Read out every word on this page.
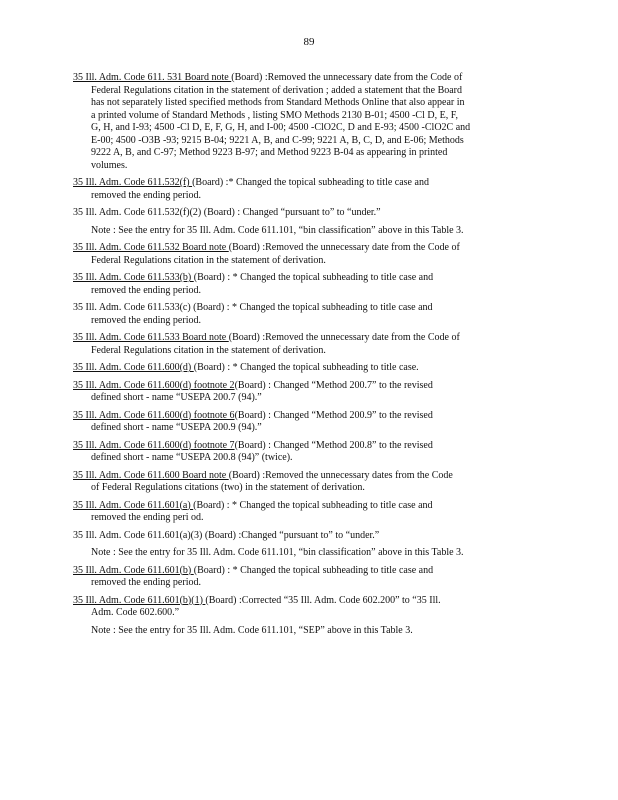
89
35 Ill. Adm. Code 611. 531 Board note (Board) :Removed the unnecessary date from the Code of
Federal Regulations citation in the statement of derivation ; added a statement that the Board
has not separately listed specified methods from Standard Methods Online that also appear in
a printed volume of Standard Methods , listing SMO Methods 2130 B-01; 4500 -Cl D, E, F,
G, H, and I-93; 4500 -Cl D, E, F, G, H, and I-00; 4500 -ClO2C, D and E-93; 4500 -ClO2C and
E-00; 4500 -O3B -93; 9215 B-04; 9221 A, B, and C-99; 9221 A, B, C, D, and E-06; Methods
9222 A, B, and C-97; Method 9223 B-97; and Method 9223 B-04 as appearing in printed
volumes.
35 Ill. Adm. Code 611.532(f) (Board) :* Changed the topical subheading to title case and
removed the ending period.
35 Ill. Adm. Code 611.532(f)(2) (Board) : Changed “pursuant to” to “under.”
Note : See the entry for 35 Ill. Adm. Code 611.101, “bin classification” above in this Table 3.
35 Ill. Adm. Code 611.532 Board note (Board) :Removed the unnecessary date from the Code of
Federal Regulations citation in the statement of derivation.
35 Ill. Adm. Code 611.533(b) (Board) : * Changed the topical subheading to title case and
removed the ending period.
35 Ill. Adm. Code 611.533(c) (Board) : * Changed the topical subheading to title case and
removed the ending period.
35 Ill. Adm. Code 611.533 Board note (Board) :Removed the unnecessary date from the Code of
Federal Regulations citation in the statement of derivation.
35 Ill. Adm. Code 611.600(d) (Board) : * Changed the topical subheading to title case.
35 Ill. Adm. Code 611.600(d) footnote 2(Board) : Changed “Method 200.7” to the revised
defined short - name “USEPA 200.7 (94).”
35 Ill. Adm. Code 611.600(d) footnote 6(Board) : Changed “Method 200.9” to the revised
defined short - name “USEPA 200.9 (94).”
35 Ill. Adm. Code 611.600(d) footnote 7(Board) : Changed “Method 200.8” to the revised
defined short - name “USEPA 200.8 (94)” (twice).
35 Ill. Adm. Code 611.600 Board note (Board) :Removed the unnecessary dates from the Code
of Federal Regulations citations (two) in the statement of derivation.
35 Ill. Adm. Code 611.601(a) (Board) : * Changed the topical subheading to title case and
removed the ending peri od.
35 Ill. Adm. Code 611.601(a)(3) (Board) :Changed “pursuant to” to “under.”
Note : See the entry for 35 Ill. Adm. Code 611.101, “bin classification” above in this Table 3.
35 Ill. Adm. Code 611.601(b) (Board) : * Changed the topical subheading to title case and
removed the ending period.
35 Ill. Adm. Code 611.601(b)(1) (Board) :Corrected “35 Ill. Adm. Code 602.200” to “35 Ill.
Adm. Code 602.600.”
Note : See the entry for 35 Ill. Adm. Code 611.101, “SEP” above in this Table 3.
